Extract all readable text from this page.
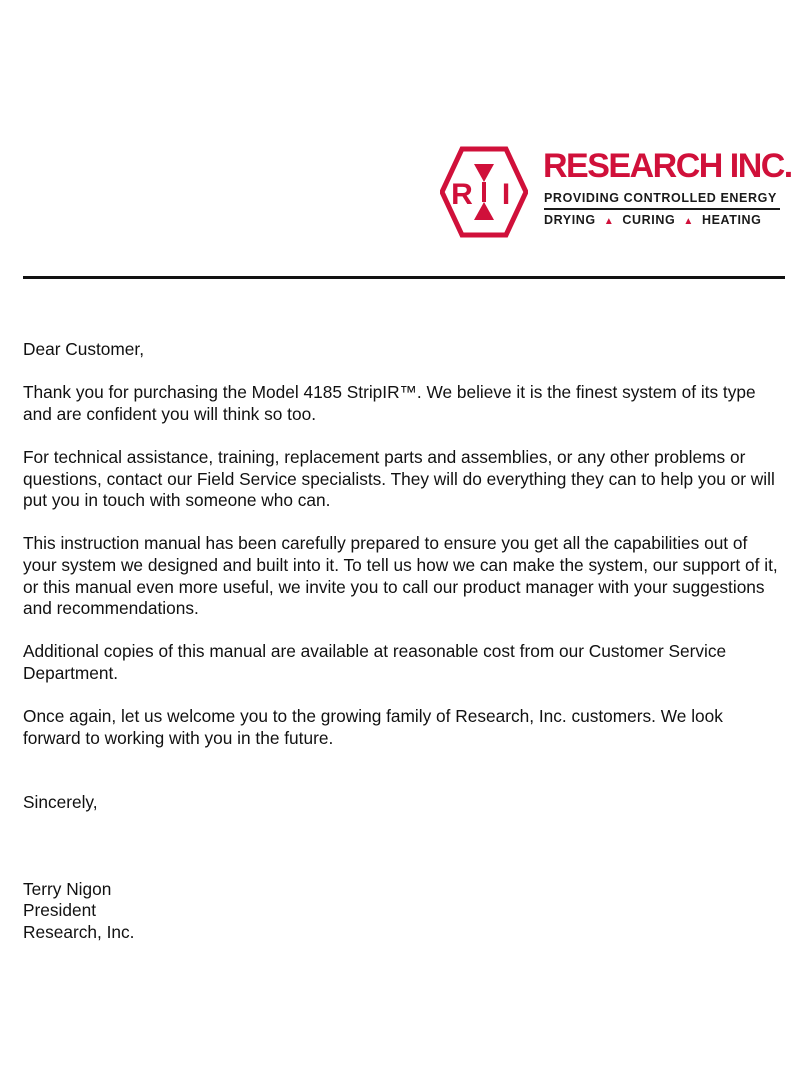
R I
RESEARCH INC.
PROVIDING CONTROLLED ENERGY
DRYING ▲ CURING ▲ HEATING

Dear Customer,

Thank you for purchasing the Model 4185 StripIR™. We believe it is the finest system of its type and are confident you will think so too.

For technical assistance, training, replacement parts and assemblies, or any other problems or questions, contact our Field Service specialists. They will do everything they can to help you or will put you in touch with someone who can.

This instruction manual has been carefully prepared to ensure you get all the capabilities out of your system we designed and built into it. To tell us how we can make the system, our support of it, or this manual even more useful, we invite you to call our product manager with your suggestions and recommendations.

Additional copies of this manual are available at reasonable cost from our Customer Service Department.

Once again, let us welcome you to the growing family of Research, Inc. customers. We look forward to working with you in the future.

Sincerely,

Terry Nigon
President
Research, Inc.
